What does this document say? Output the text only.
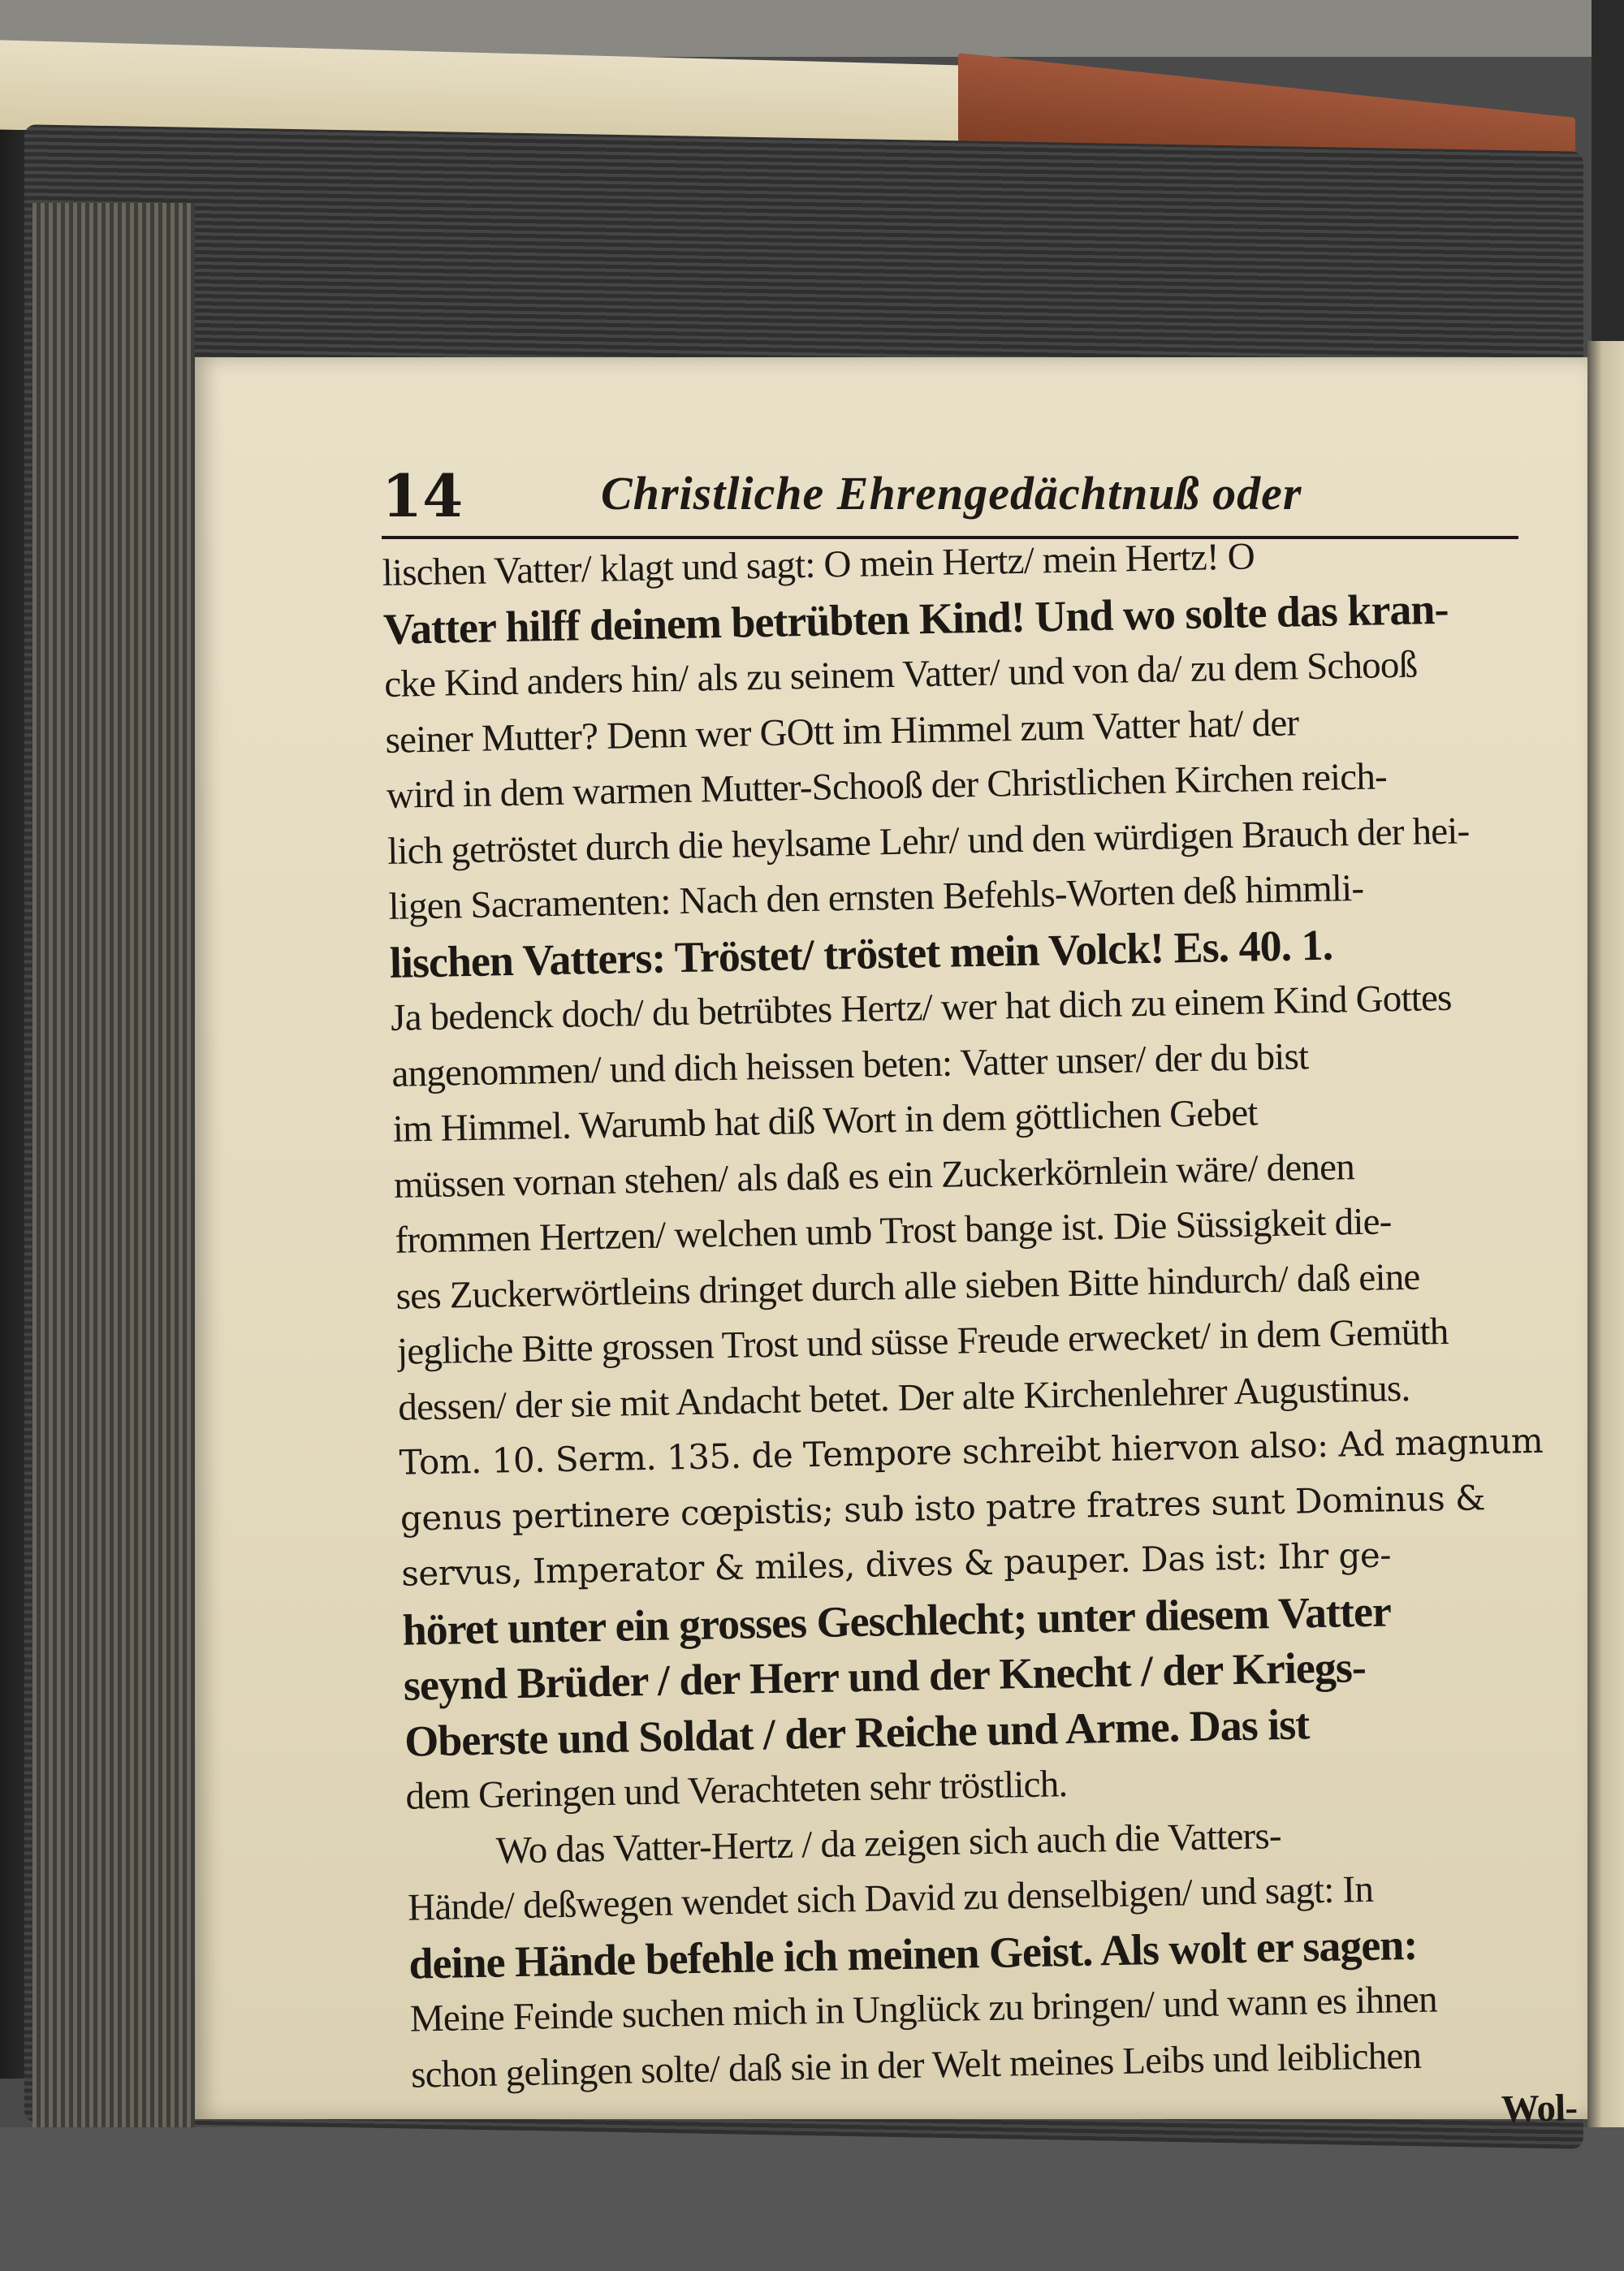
14	Christliche Ehrengedächtnuß oder
lischen Vatter/ klagt und sagt: O mein Hertz/ mein Hertz! O
Vatter hilff deinem betrübten Kind! Und wo solte das kran-
cke Kind anders hin/ als zu seinem Vatter/ und von da/ zu dem Schooß
seiner Mutter? Denn wer GOtt im Himmel zum Vatter hat/ der
wird in dem warmen Mutter-Schooß der Christlichen Kirchen reich-
lich getröstet durch die heylsame Lehr/ und den würdigen Brauch der hei-
ligen Sacramenten: Nach den ernsten Befehls-Worten deß himmli-
lischen Vatters: Tröstet/ tröstet mein Volck! Es. 40. 1.
Ja bedenck doch/ du betrübtes Hertz/ wer hat dich zu einem Kind Gottes
angenommen/ und dich heissen beten: Vatter unser/ der du bist
im Himmel. Warumb hat diß Wort in dem göttlichen Gebet
müssen vornan stehen/ als daß es ein Zuckerkörnlein wäre/ denen
frommen Hertzen/ welchen umb Trost bange ist. Die Süssigkeit die-
ses Zuckerwörtleins dringet durch alle sieben Bitte hindurch/ daß eine
jegliche Bitte grossen Trost und süsse Freude erwecket/ in dem Gemüth
dessen/ der sie mit Andacht betet. Der alte Kirchenlehrer Augustinus.
Tom. 10. Serm. 135. de Tempore schreibt hiervon also: Ad magnum
genus pertinere cœpistis; sub isto patre fratres sunt Dominus &
servus, Imperator & miles, dives & pauper. Das ist: Ihr ge-
höret unter ein grosses Geschlecht; unter diesem Vatter
seynd Brüder / der Herr und der Knecht / der Kriegs-
Oberste und Soldat / der Reiche und Arme. Das ist
dem Geringen und Verachteten sehr tröstlich.
Wo das Vatter-Hertz / da zeigen sich auch die Vatters-
Hände/ deßwegen wendet sich David zu denselbigen/ und sagt: In
deine Hände befehle ich meinen Geist. Als wolt er sagen:
Meine Feinde suchen mich in Unglück zu bringen/ und wann es ihnen
schon gelingen solte/ daß sie in der Welt meines Leibs und leiblichen
Wol-
